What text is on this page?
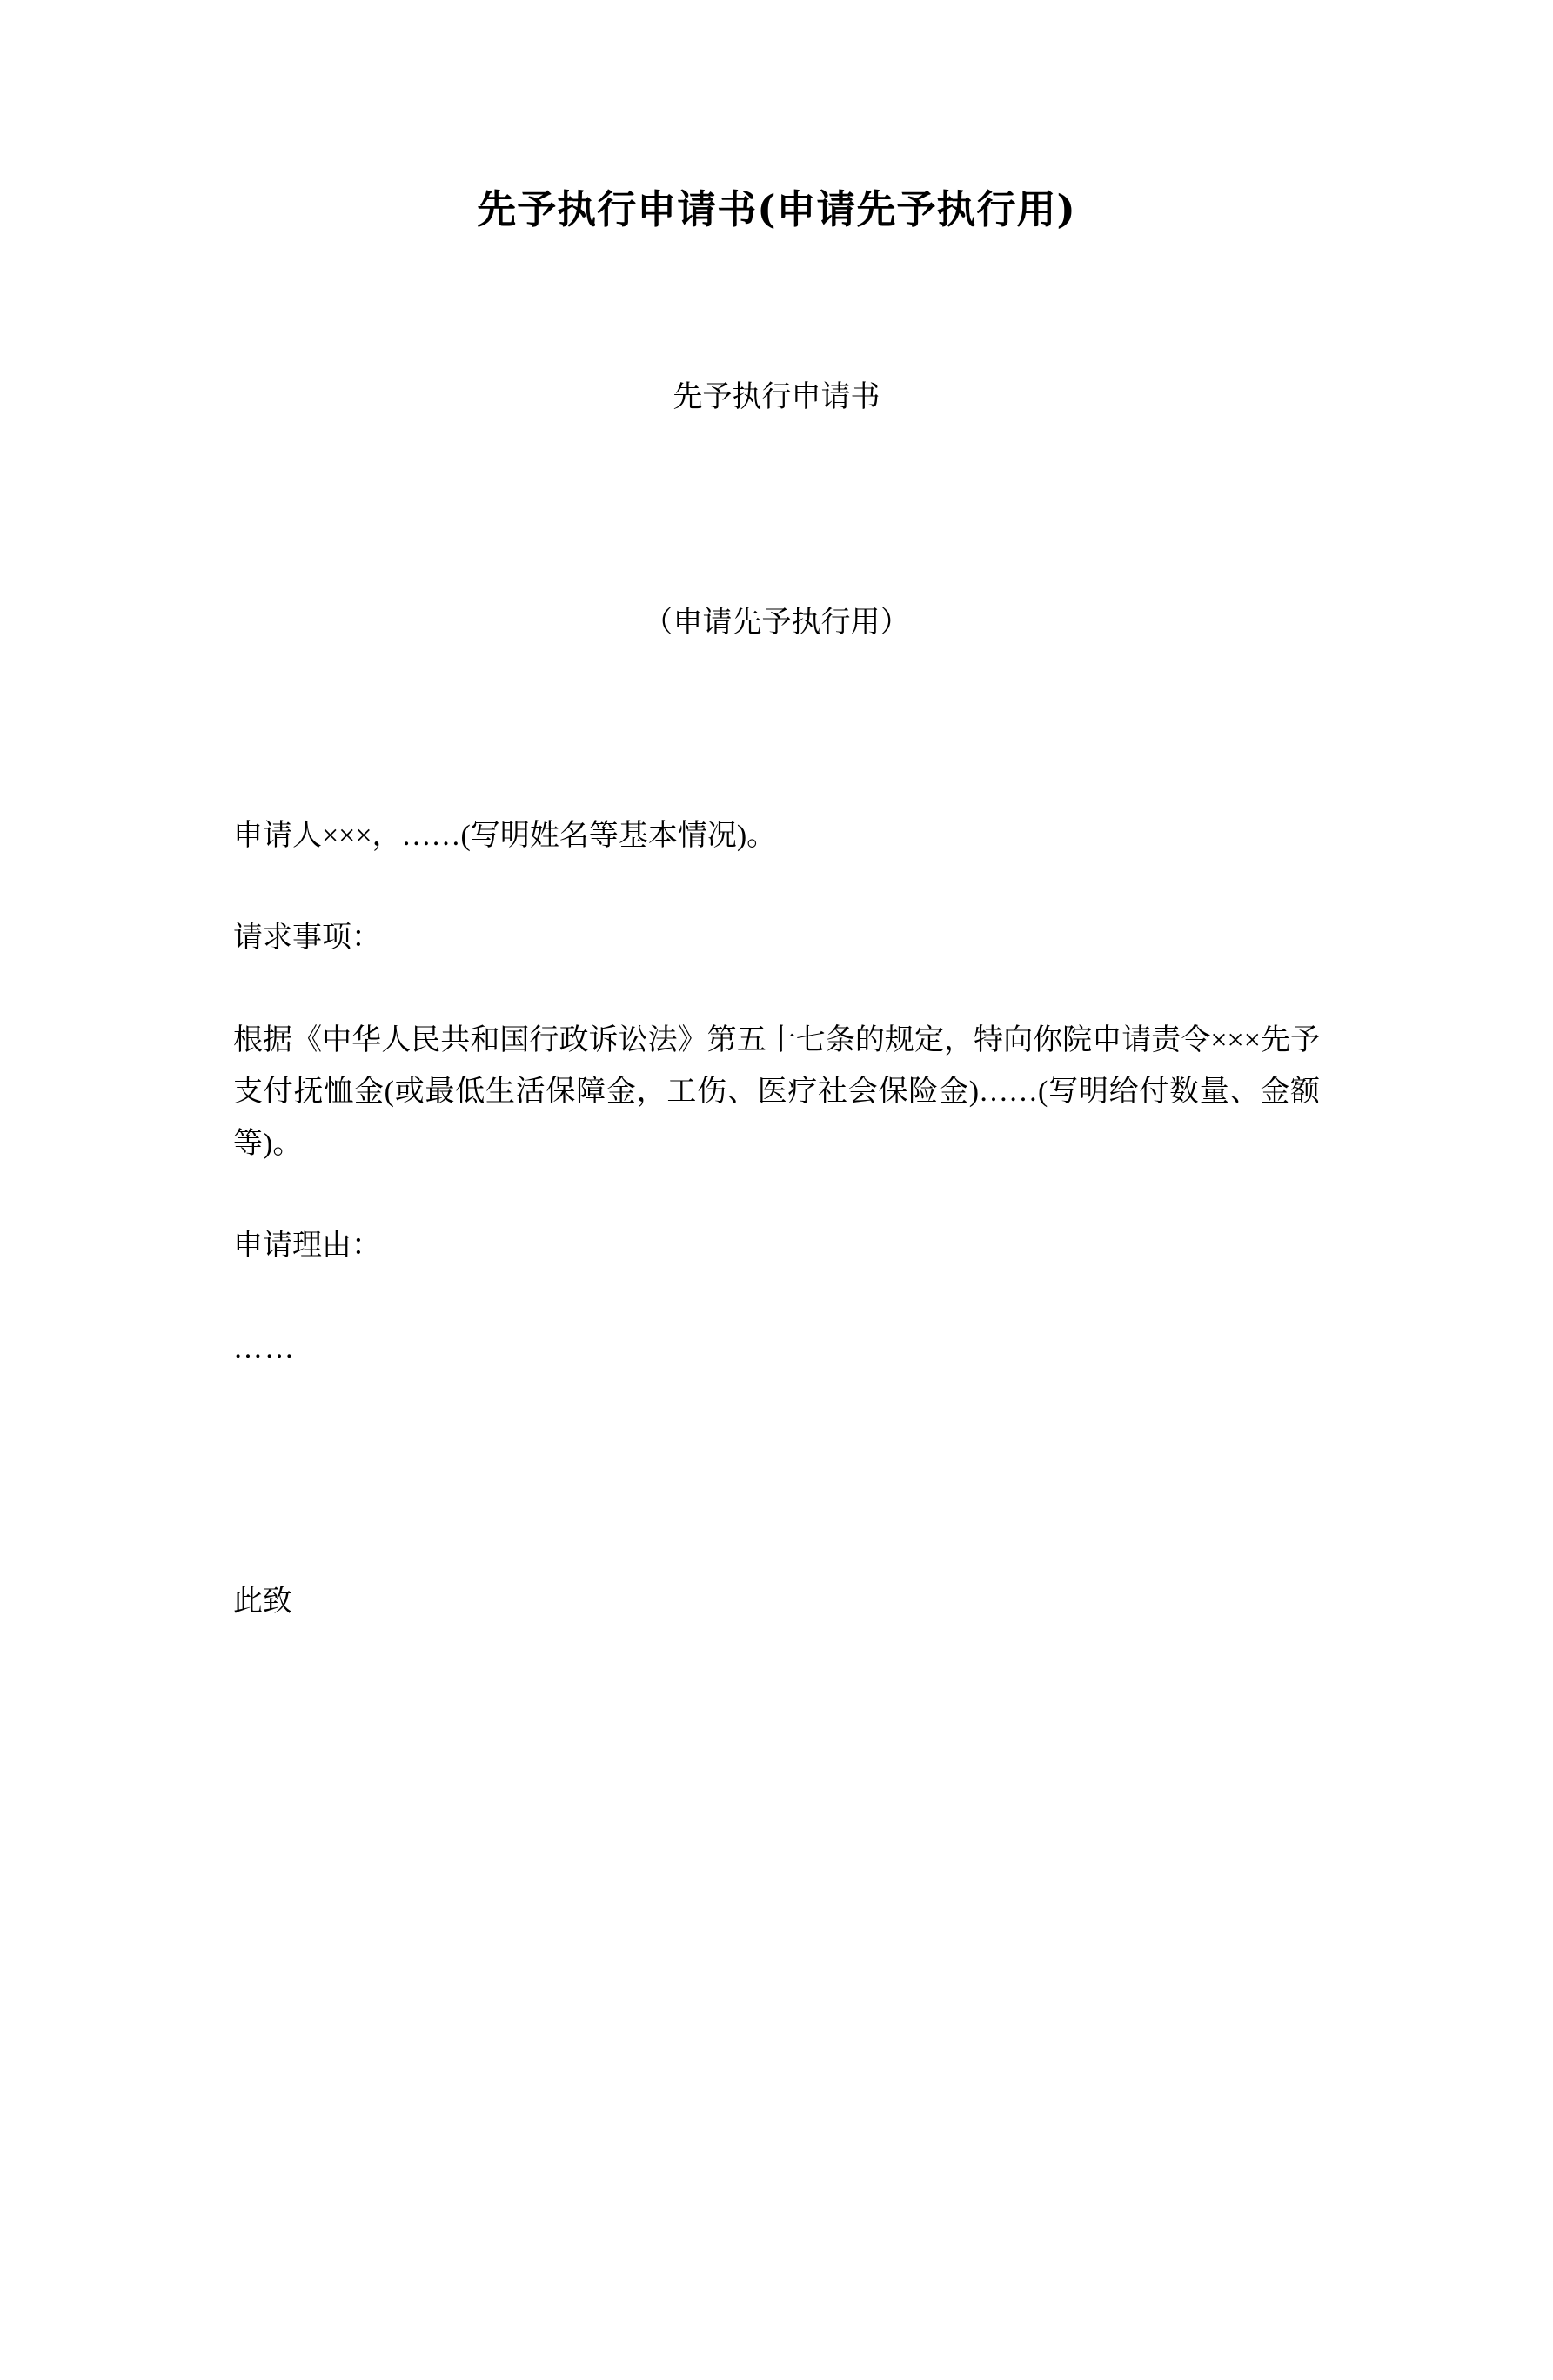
先予执行申请书(申请先予执行用)
先予执行申请书
（申请先予执行用）

申请人×××，……(写明姓名等基本情况)。

请求事项：

根据《中华人民共和国行政诉讼法》第五十七条的规定，特向你院申请责令×××先予支付抚恤金(或最低生活保障金，工伤、医疗社会保险金)……(写明给付数量、金额等)。

申请理由：

……

此致
